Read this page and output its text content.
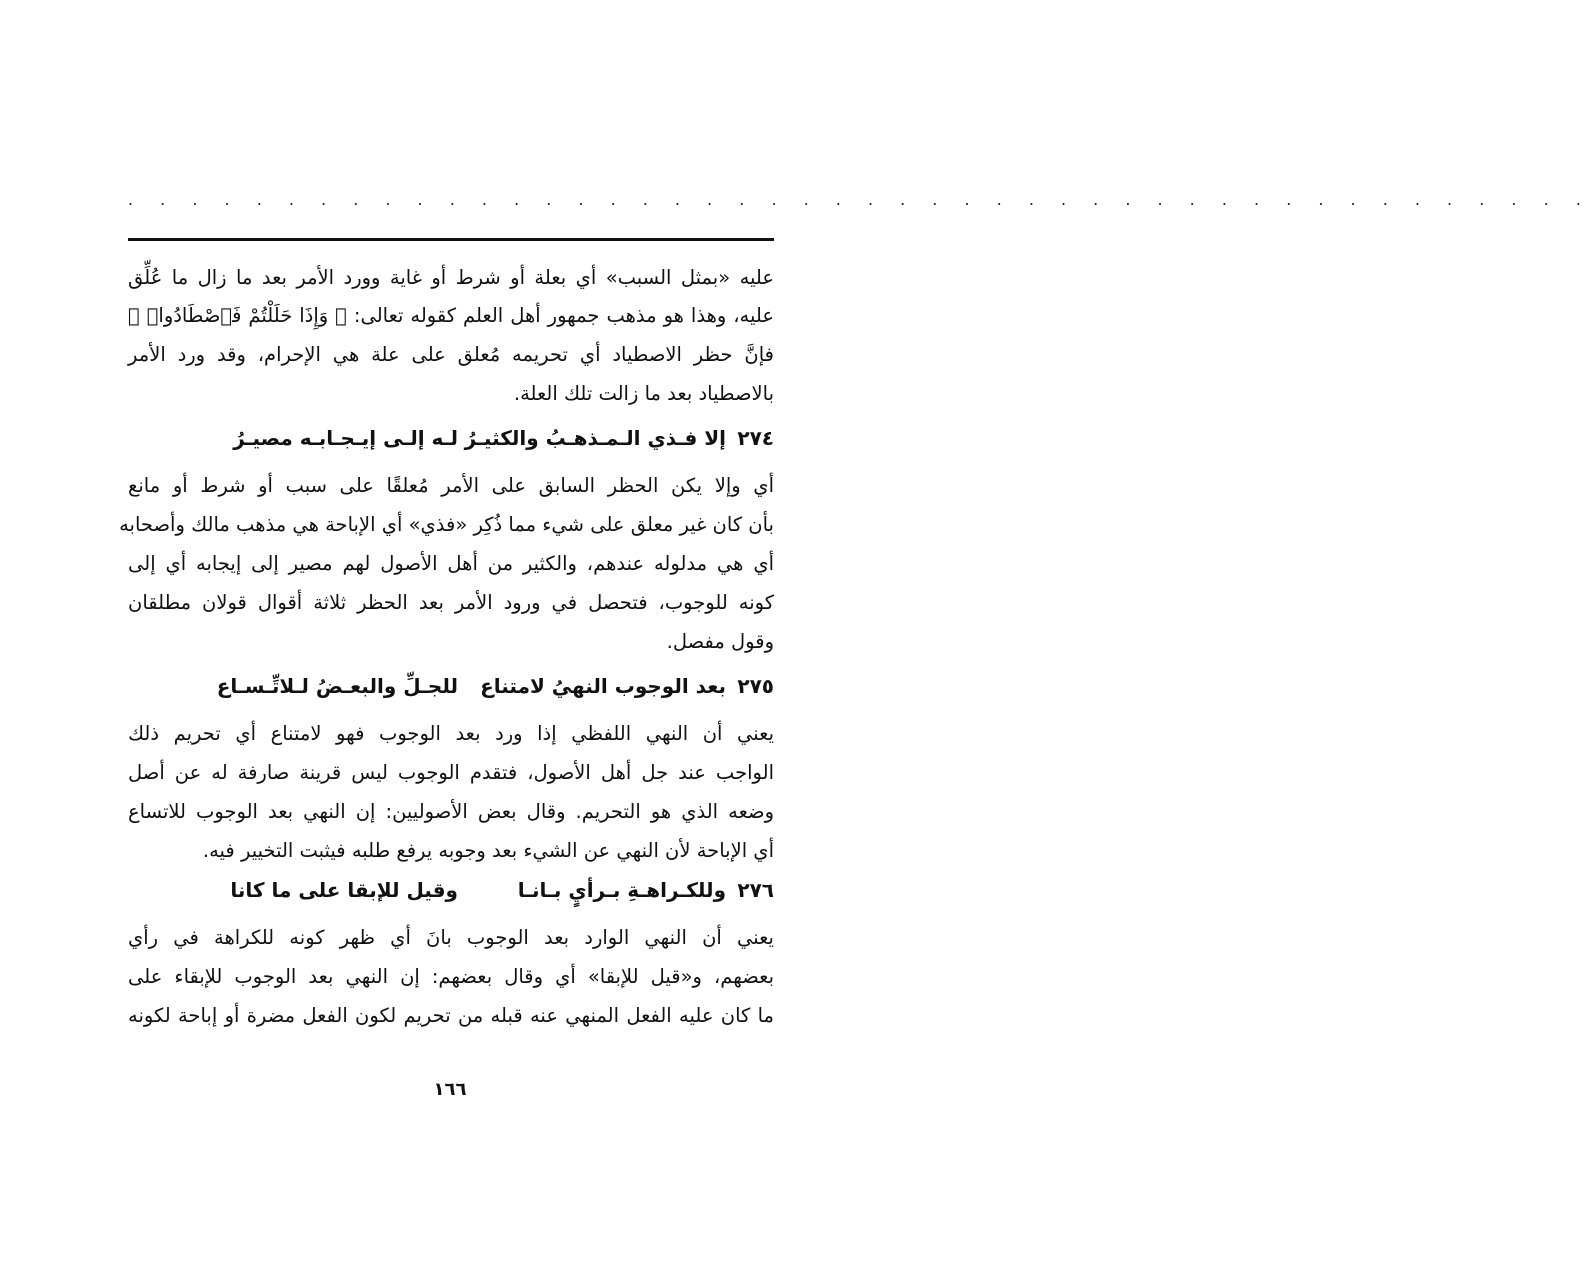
. . . . . . . . . . . . . . . . . . . . . . . . . . . . . . . . . . . . . . . . . . . . . .
عليه «بمثل السبب» أي بعلة أو شرط أو غاية وورد الأمر بعد ما زال ما عُلِّق
عليه، وهذا هو مذهب جمهور أهل العلم كقوله تعالى: ﴿ وَإِذَا حَلَلْتُمْ فَٱصْطَادُوا۟ ﴾
فإنَّ حظر الاصطياد أي تحريمه مُعلق على علة هي الإحرام، وقد ورد الأمر
بالاصطياد بعد ما زالت تلك العلة.
٢٧٤
إلا فـذي الـمـذهـبُ والكثيـرُ
لـه إلـى إيـجـابـه مصيـرُ
أي وإلا يكن الحظر السابق على الأمر مُعلقًا على سبب أو شرط أو مانع
بأن كان غير معلق على شيء مما ذُكِر «فذي» أي الإباحة هي مذهب مالك وأصحابه
أي هي مدلوله عندهم، والكثير من أهل الأصول لهم مصير إلى إيجابه أي إلى
كونه للوجوب، فتحصل في ورود الأمر بعد الحظر ثلاثة أقوال قولان مطلقان
وقول مفصل.
٢٧٥
بعد الوجوب النهيُ لامتناع
للجـلِّ والبعـضُ لـلاتِّـسـاع
يعني أن النهي اللفظي إذا ورد بعد الوجوب فهو لامتناع أي تحريم ذلك
الواجب عند جل أهل الأصول، فتقدم الوجوب ليس قرينة صارفة له عن أصل
وضعه الذي هو التحريم. وقال بعض الأصوليين: إن النهي بعد الوجوب للاتساع
أي الإباحة لأن النهي عن الشيء بعد وجوبه يرفع طلبه فيثبت التخيير فيه.
٢٧٦
وللكـراهـةِ بـرأيٍ بـانـا
وقيل للإبقا على ما كانا
يعني أن النهي الوارد بعد الوجوب بانَ أي ظهر كونه للكراهة في رأي
بعضهم، و«قيل للإبقا» أي وقال بعضهم: إن النهي بعد الوجوب للإبقاء على
ما كان عليه الفعل المنهي عنه قبله من تحريم لكون الفعل مضرة أو إباحة لكونه
١٦٦
